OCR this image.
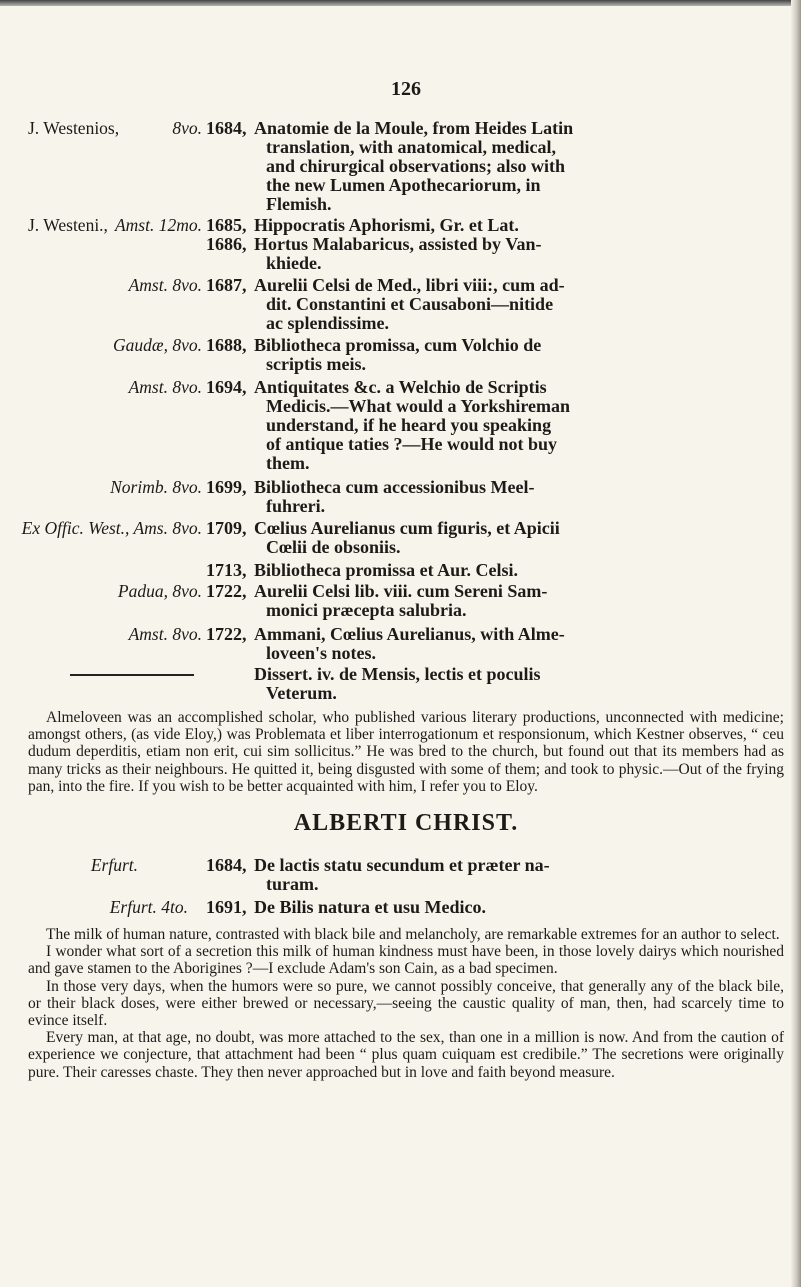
126
J. Westenios,	8vo. 1684, Anatomie de la Moule, from Heides Latin
translation, with anatomical, medical,
and chirurgical observations; also with
the new Lumen Apothecariorum, in
Flemish.
J. Westeni., Amst. 12mo. 1685, Hippocratis Aphorismi, Gr. et Lat.
1686, Hortus Malabaricus, assisted by Van-
khiede.
Amst. 8vo. 1687, Aurelii Celsi de Med., libri viii:, cum ad-
dit. Constantini et Causaboni—nitide
ac splendissime.
Gaudæ, 8vo. 1688, Bibliotheca promissa, cum Volchio de
scriptis meis.
Amst. 8vo. 1694, Antiquitates &c. a Welchio de Scriptis
Medicis.—What would a Yorkshireman
understand, if he heard you speaking
of antique taties ?—He would not buy
them.
Norimb. 8vo. 1699, Bibliotheca cum accessionibus Meel-
fuhreri.
Ex Offic. West., Ams. 8vo. 1709, Cœlius Aurelianus cum figuris, et Apicii
Cœlii de obsoniis.
1713, Bibliotheca promissa et Aur. Celsi.
Padua, 8vo. 1722, Aurelii Celsi lib. viii. cum Sereni Sam-
monici præcepta salubria.
Amst. 8vo. 1722, Ammani, Cœlius Aurelianus, with Alme-
loveen's notes.
Dissert. iv. de Mensis, lectis et poculis
Veterum.

Almeloveen was an accomplished scholar, who published various literary productions, unconnected with medicine; amongst others, (as vide Eloy,) was Problemata et liber interrogationum et responsionum, which Kestner observes, “ ceu dudum deperditis, etiam non erit, cui sim sollicitus.” He was bred to the church, but found out that its members had as many tricks as their neighbours. He quitted it, being disgusted with some of them; and took to physic.—Out of the frying pan, into the fire. If you wish to be better acquainted with him, I refer you to Eloy.

ALBERTI CHRIST.
Erfurt.	1684, De lactis statu secundum et præter na-
turam.
Erfurt. 4to. 1691, De Bilis natura et usu Medico.

The milk of human nature, contrasted with black bile and melancholy, are remarkable extremes for an author to select.

I wonder what sort of a secretion this milk of human kindness must have been, in those lovely dairys which nourished and gave stamen to the Aborigines ?—I exclude Adam's son Cain, as a bad specimen.

In those very days, when the humors were so pure, we cannot possibly conceive, that generally any of the black bile, or their black doses, were either brewed or necessary,—seeing the caustic quality of man, then, had scarcely time to evince itself.

Every man, at that age, no doubt, was more attached to the sex, than one in a million is now. And from the caution of experience we conjecture, that attachment had been “ plus quam cuiquam est credibile.” The secretions were originally pure. Their caresses chaste. They then never approached but in love and faith beyond measure.
